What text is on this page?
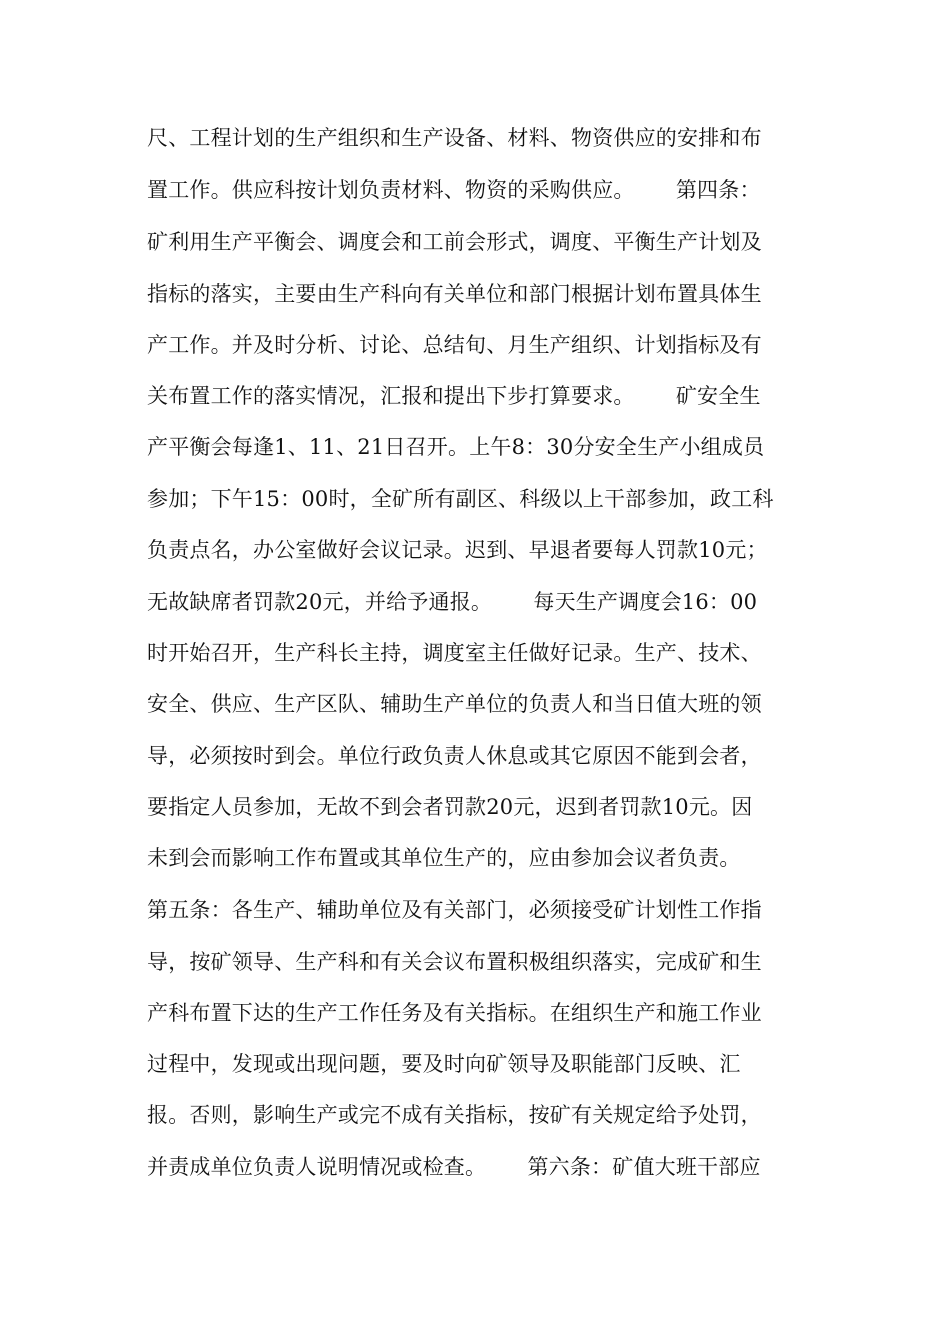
尺、工程计划的生产组织和生产设备、材料、物资供应的安排和布
置工作。供应科按计划负责材料、物资的采购供应。      第四条：
矿利用生产平衡会、调度会和工前会形式，调度、平衡生产计划及
指标的落实，主要由生产科向有关单位和部门根据计划布置具体生
产工作。并及时分析、讨论、总结旬、月生产组织、计划指标及有
关布置工作的落实情况，汇报和提出下步打算要求。      矿安全生
产平衡会每逢1、11、21日召开。上午8：30分安全生产小组成员
参加；下午15：00时，全矿所有副区、科级以上干部参加，政工科
负责点名，办公室做好会议记录。迟到、早退者要每人罚款10元；
无故缺席者罚款20元，并给予通报。      每天生产调度会16：00
时开始召开，生产科长主持，调度室主任做好记录。生产、技术、
安全、供应、生产区队、辅助生产单位的负责人和当日值大班的领
导，必须按时到会。单位行政负责人休息或其它原因不能到会者，
要指定人员参加，无故不到会者罚款20元，迟到者罚款10元。因
未到会而影响工作布置或其单位生产的，应由参加会议者负责。
第五条：各生产、辅助单位及有关部门，必须接受矿计划性工作指
导，按矿领导、生产科和有关会议布置积极组织落实，完成矿和生
产科布置下达的生产工作任务及有关指标。在组织生产和施工作业
过程中，发现或出现问题，要及时向矿领导及职能部门反映、汇
报。否则，影响生产或完不成有关指标，按矿有关规定给予处罚，
并责成单位负责人说明情况或检查。      第六条：矿值大班干部应
